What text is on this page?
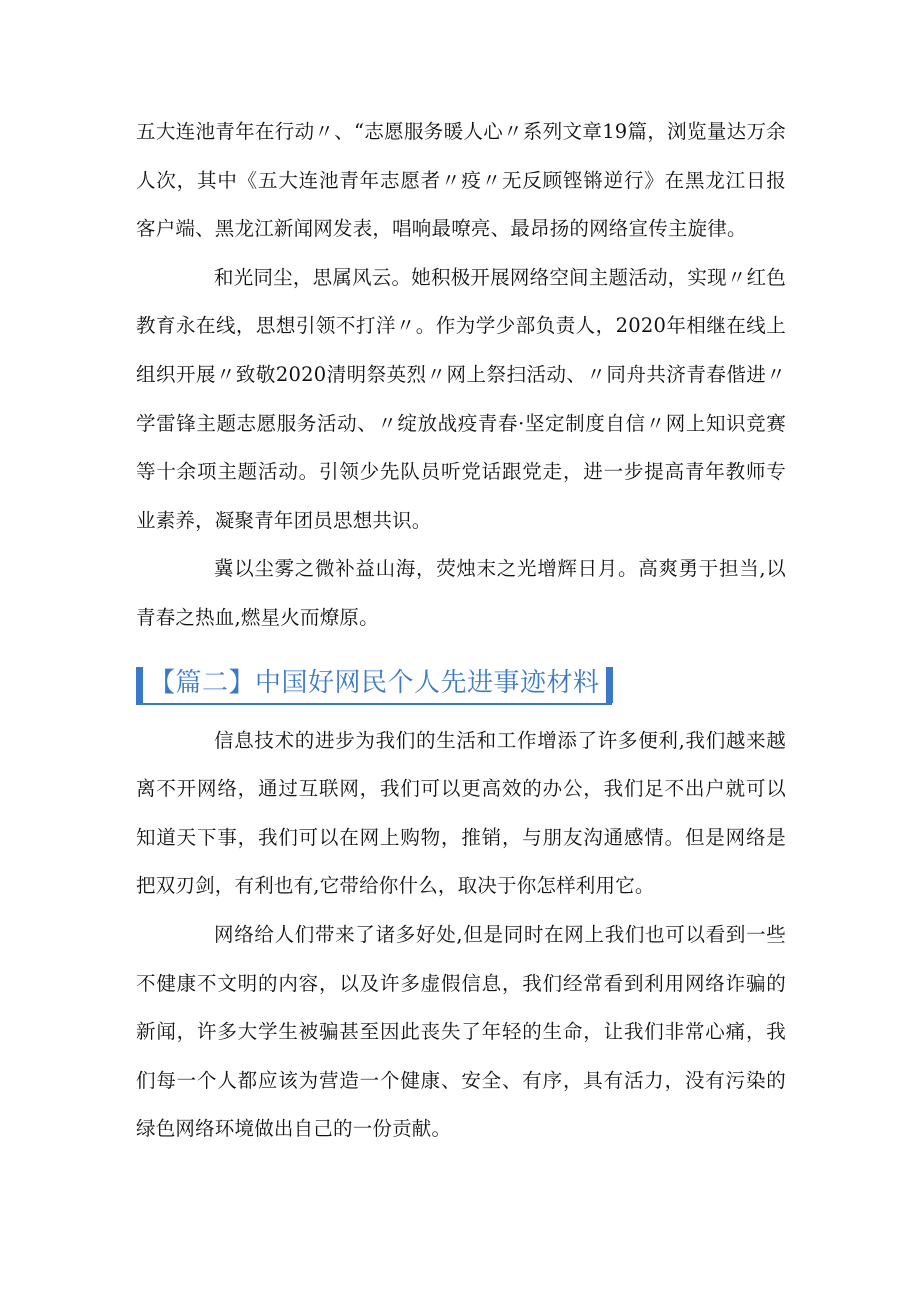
五大连池青年在行动〃、“志愿服务暖人心〃系列文章19篇，浏览量达万余人次，其中《五大连池青年志愿者〃疫〃无反顾铿锵逆行》在黑龙江日报客户端、黑龙江新闻网发表，唱响最嘹亮、最昂扬的网络宣传主旋律。

和光同尘，思属风云。她积极开展网络空间主题活动，实现〃红色教育永在线，思想引领不打洋〃。作为学少部负责人，2020年相继在线上组织开展〃致敬2020清明祭英烈〃网上祭扫活动、〃同舟共济青春偕进〃学雷锋主题志愿服务活动、〃绽放战疫青春·坚定制度自信〃网上知识竞赛等十余项主题活动。引领少先队员听党话跟党走，进一步提高青年教师专业素养，凝聚青年团员思想共识。

冀以尘雾之微补益山海，荧烛末之光增辉日月。高爽勇于担当,以青春之热血,燃星火而燎原。

【篇二】中国好网民个人先进事迹材料

信息技术的进步为我们的生活和工作增添了许多便利,我们越来越离不开网络，通过互联网，我们可以更高效的办公，我们足不出户就可以知道天下事，我们可以在网上购物，推销，与朋友沟通感情。但是网络是把双刃剑，有利也有,它带给你什么，取决于你怎样利用它。

网络给人们带来了诸多好处,但是同时在网上我们也可以看到一些不健康不文明的内容，以及许多虚假信息，我们经常看到利用网络诈骗的新闻，许多大学生被骗甚至因此丧失了年轻的生命，让我们非常心痛，我们每一个人都应该为营造一个健康、安全、有序，具有活力，没有污染的绿色网络环境做出自己的一份贡献。
